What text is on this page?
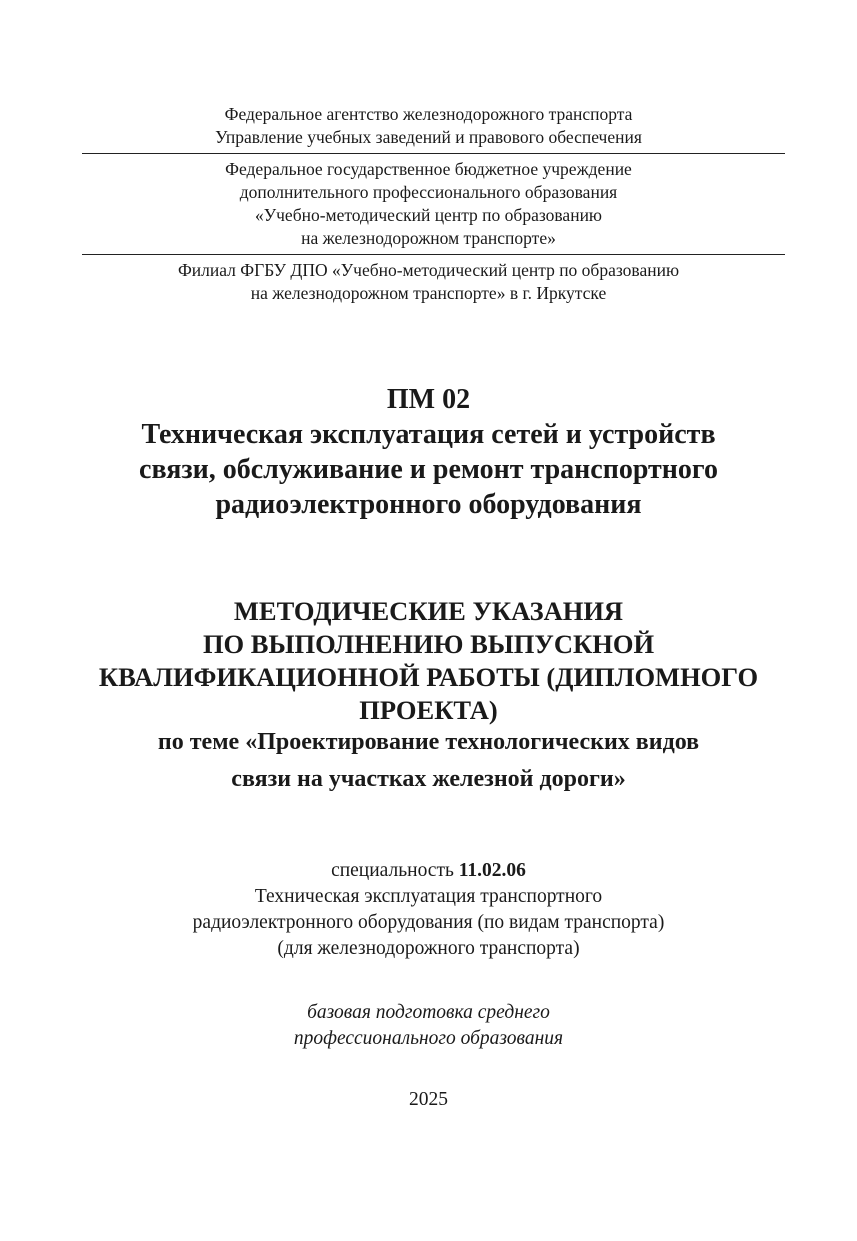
Федеральное агентство железнодорожного транспорта

Управление учебных заведений и правового обеспечения

Федеральное государственное бюджетное учреждение

дополнительного профессионального образования

«Учебно-методический центр по образованию

на железнодорожном транспорте»

Филиал ФГБУ ДПО «Учебно-методический центр по образованию

на железнодорожном транспорте» в г. Иркутске

ПМ 02

Техническая эксплуатация сетей и устройств

связи, обслуживание и ремонт транспортного

радиоэлектронного оборудования

МЕТОДИЧЕСКИЕ УКАЗАНИЯ

ПО ВЫПОЛНЕНИЮ ВЫПУСКНОЙ

КВАЛИФИКАЦИОННОЙ РАБОТЫ (ДИПЛОМНОГО

ПРОЕКТА)

по теме «Проектирование технологических видов

связи на участках железной дороги»

специальность 11.02.06

Техническая эксплуатация транспортного

радиоэлектронного оборудования (по видам транспорта)

(для железнодорожного транспорта)

базовая подготовка среднего

профессионального образования

2025
